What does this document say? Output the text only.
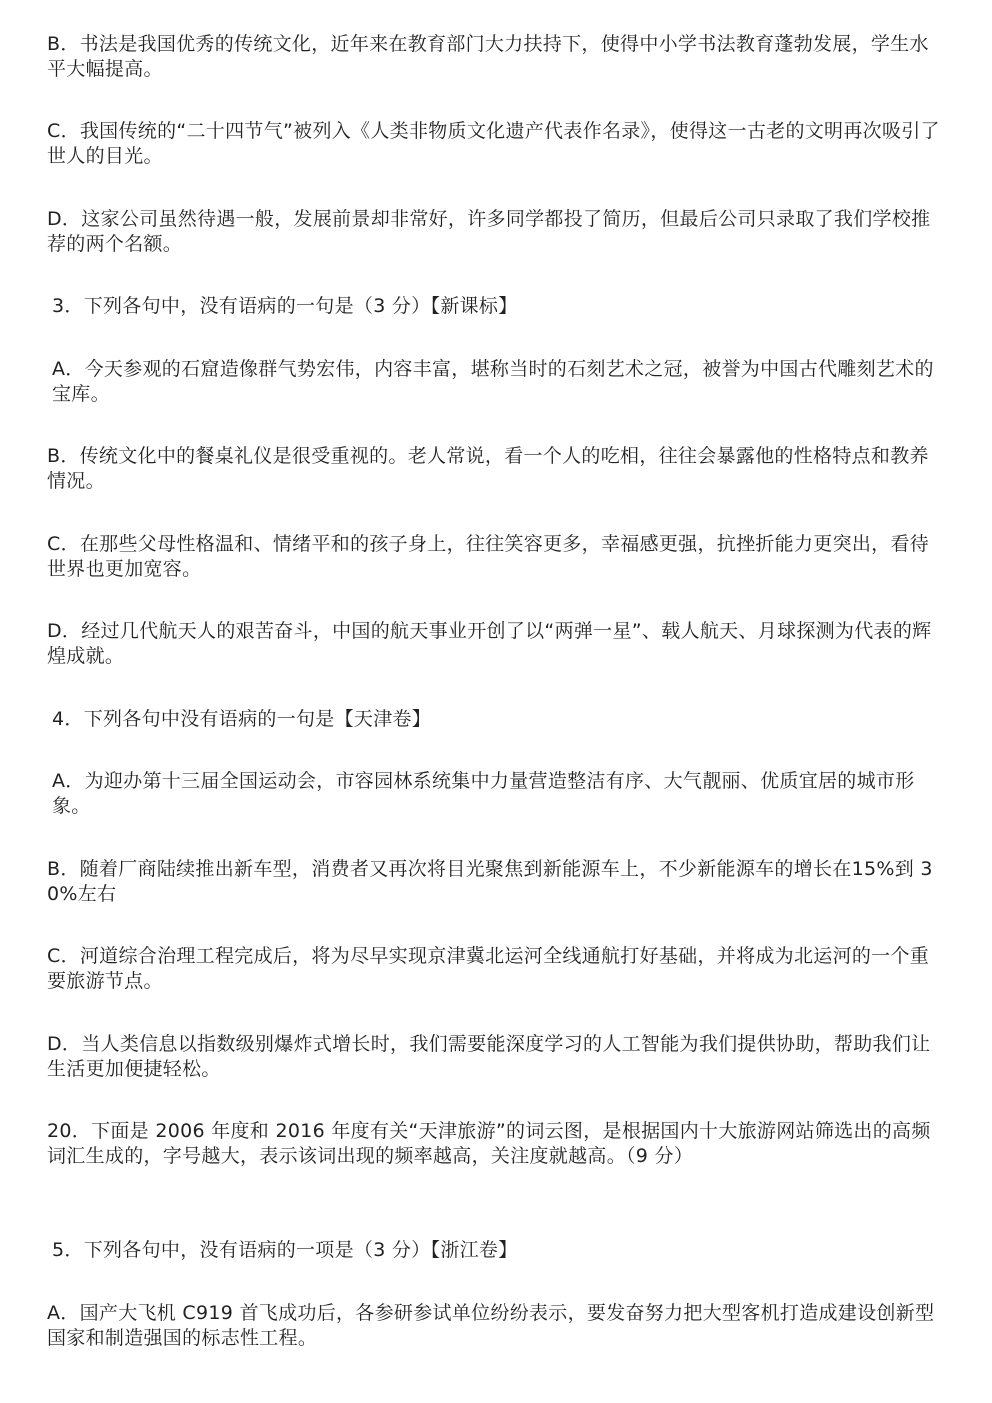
B．书法是我国优秀的传统文化，近年来在教育部门大力扶持下，使得中小学书法教育蓬勃发展，学生水平大幅提高。

C．我国传统的“二十四节气”被列入《人类非物质文化遗产代表作名录》，使得这一古老的文明再次吸引了世人的目光。

D．这家公司虽然待遇一般，发展前景却非常好，许多同学都投了简历，但最后公司只录取了我们学校推荐的两个名额。

3．下列各句中，没有语病的一句是（3 分）【新课标】

A．今天参观的石窟造像群气势宏伟，内容丰富，堪称当时的石刻艺术之冠，被誉为中国古代雕刻艺术的宝库。

B．传统文化中的餐桌礼仪是很受重视的。老人常说，看一个人的吃相，往往会暴露他的性格特点和教养情况。

C．在那些父母性格温和、情绪平和的孩子身上，往往笑容更多，幸福感更强，抗挫折能力更突出，看待世界也更加宽容。

D．经过几代航天人的艰苦奋斗，中国的航天事业开创了以“两弹一星”、载人航天、月球探测为代表的辉煌成就。

4．下列各句中没有语病的一句是【天津卷】

A．为迎办第十三届全国运动会，市容园林系统集中力量营造整洁有序、大气靓丽、优质宜居的城市形象。

B．随着厂商陆续推出新车型，消费者又再次将目光聚焦到新能源车上，不少新能源车的增长在15%到 30%左右

C．河道综合治理工程完成后，将为尽早实现京津冀北运河全线通航打好基础，并将成为北运河的一个重要旅游节点。

D．当人类信息以指数级别爆炸式增长时，我们需要能深度学习的人工智能为我们提供协助，帮助我们让生活更加便捷轻松。

20．下面是 2006 年度和 2016 年度有关“天津旅游”的词云图，是根据国内十大旅游网站筛选出的高频词汇生成的，字号越大，表示该词出现的频率越高，关注度就越高。（9 分）

5．下列各句中，没有语病的一项是（3 分）【浙江卷】

A．国产大飞机 C919 首飞成功后，各参研参试单位纷纷表示，要发奋努力把大型客机打造成建设创新型国家和制造强国的标志性工程。
